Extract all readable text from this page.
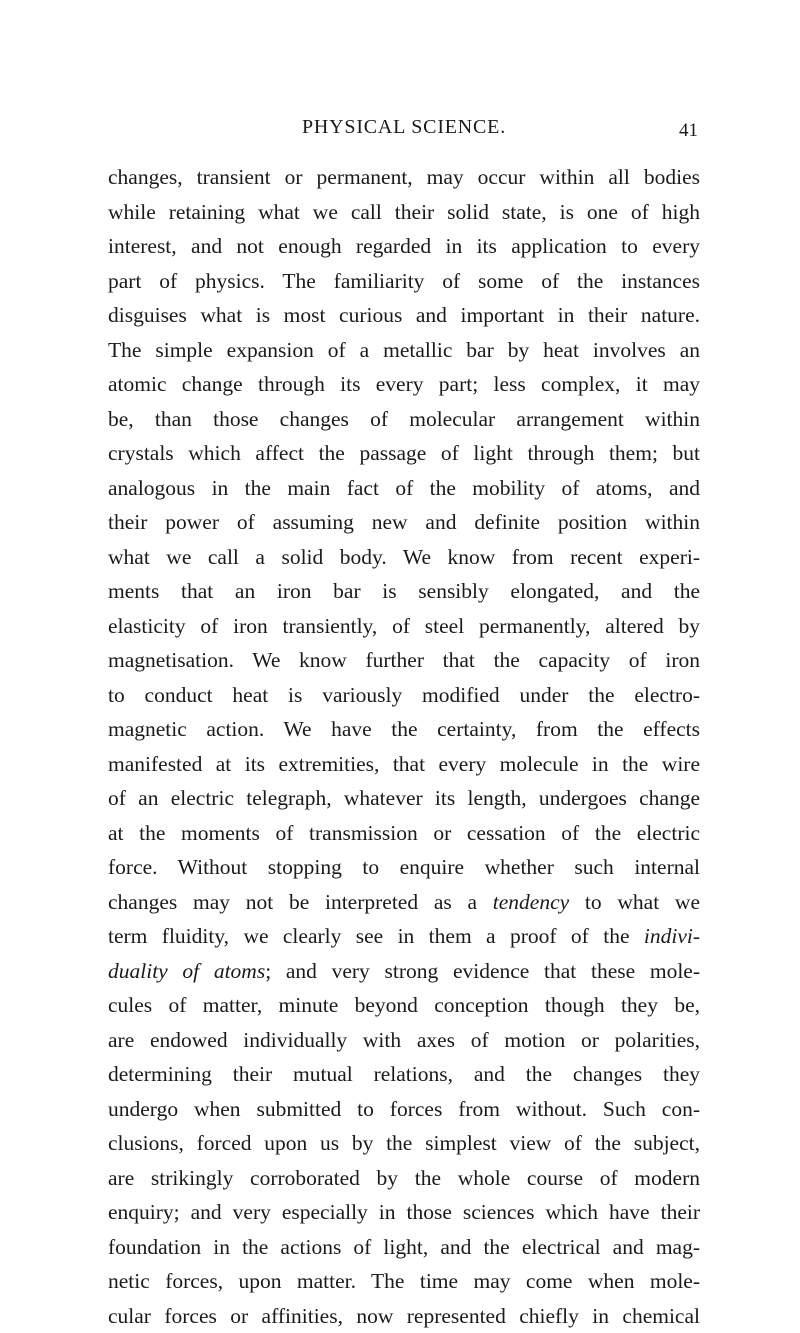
PHYSICAL SCIENCE.	41
changes, transient or permanent, may occur within all bodies
while retaining what we call their solid state, is one of high
interest, and not enough regarded in its application to every
part of physics. The familiarity of some of the instances
disguises what is most curious and important in their nature.
The simple expansion of a metallic bar by heat involves an
atomic change through its every part; less complex, it may
be, than those changes of molecular arrangement within
crystals which affect the passage of light through them; but
analogous in the main fact of the mobility of atoms, and
their power of assuming new and definite position within
what we call a solid body. We know from recent experi-
ments that an iron bar is sensibly elongated, and the
elasticity of iron transiently, of steel permanently, altered by
magnetisation. We know further that the capacity of iron
to conduct heat is variously modified under the electro-
magnetic action. We have the certainty, from the effects
manifested at its extremities, that every molecule in the wire
of an electric telegraph, whatever its length, undergoes change
at the moments of transmission or cessation of the electric
force. Without stopping to enquire whether such internal
changes may not be interpreted as a tendency to what we
term fluidity, we clearly see in them a proof of the indivi-
duality of atoms; and very strong evidence that these mole-
cules of matter, minute beyond conception though they be,
are endowed individually with axes of motion or polarities,
determining their mutual relations, and the changes they
undergo when submitted to forces from without. Such con-
clusions, forced upon us by the simplest view of the subject,
are strikingly corroborated by the whole course of modern
enquiry; and very especially in those sciences which have their
foundation in the actions of light, and the electrical and mag-
netic forces, upon matter. The time may come when mole-
cular forces or affinities, now represented chiefly in chemical
